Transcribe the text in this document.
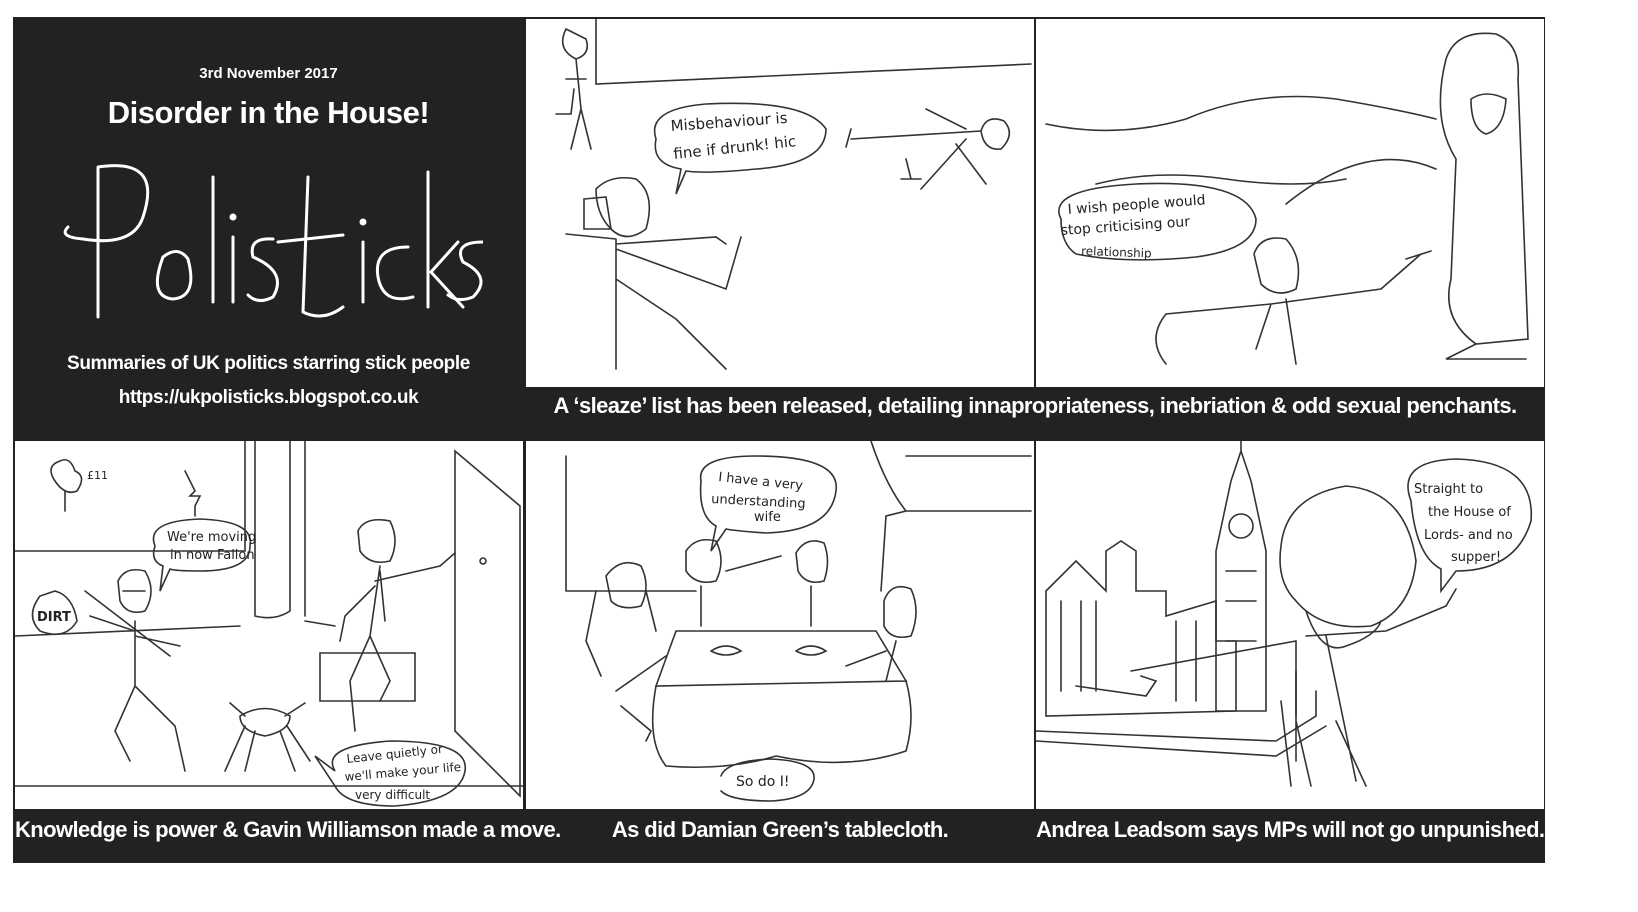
3rd November 2017
Disorder in the House!
Summaries of UK politics starring stick people
https://ukpolisticks.blogspot.co.uk
Misbehaviour is
fine if drunk! hic
I wish people would
stop criticising our
relationship
A ‘sleaze’ list has been released, detailing innapropriateness, inebriation & odd sexual penchants.
DIRT
£11
We're moving
in now Fallon
Leave quietly or
we'll make your life
very difficult
I have a very
understanding
wife
So do I!
Straight to
the House of
Lords- and no
supper!
Knowledge is power & Gavin Williamson made a move.	As did Damian Green’s tablecloth.	Andrea Leadsom says MPs will not go unpunished.
